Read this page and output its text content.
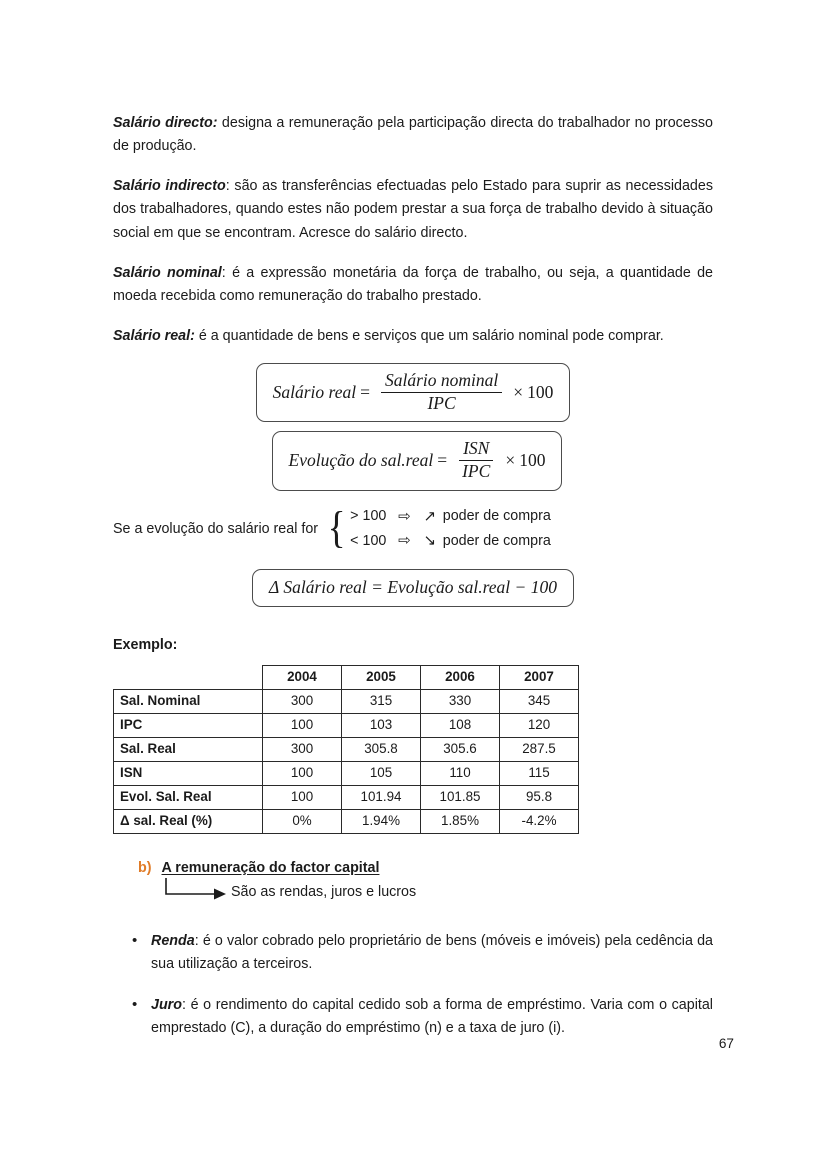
Salário directo: designa a remuneração pela participação directa do trabalhador no processo de produção.

Salário indirecto: são as transferências efectuadas pelo Estado para suprir as necessidades dos trabalhadores, quando estes não podem prestar a sua força de trabalho devido à situação social em que se encontram. Acresce do salário directo.

Salário nominal: é a expressão monetária da força de trabalho, ou seja, a quantidade de moeda recebida como remuneração do trabalho prestado.

Salário real: é a quantidade de bens e serviços que um salário nominal pode comprar.

Salário real = $\frac{\text{Salário nominal}}{\text{IPC}} \times 100$
Evolução do sal.real = $\frac{\text{ISN}}{\text{IPC}} \times 100$
Se a evolução do salário real for { > 100 ⇨ ↗ poder de compra
< 100 ⇨ ↘ poder de compra
Δ Salário real = Evolução sal.real − 100
Exemplo:
	2004	2005	2006	2007
Sal. Nominal	300	315	330	345
IPC	100	103	108	120
Sal. Real	300	305.8	305.6	287.5
ISN	100	105	110	115
Evol. Sal. Real	100	101.94	101.85	95.8
Δ sal. Real (%)	0%	1.94%	1.85%	-4.2%
b) A remuneração do factor capital
São as rendas, juros e lucros
• Renda: é o valor cobrado pelo proprietário de bens (móveis e imóveis) pela cedência da sua utilização a terceiros.
• Juro: é o rendimento do capital cedido sob a forma de empréstimo. Varia com o capital emprestado (C), a duração do empréstimo (n) e a taxa de juro (i).
67
